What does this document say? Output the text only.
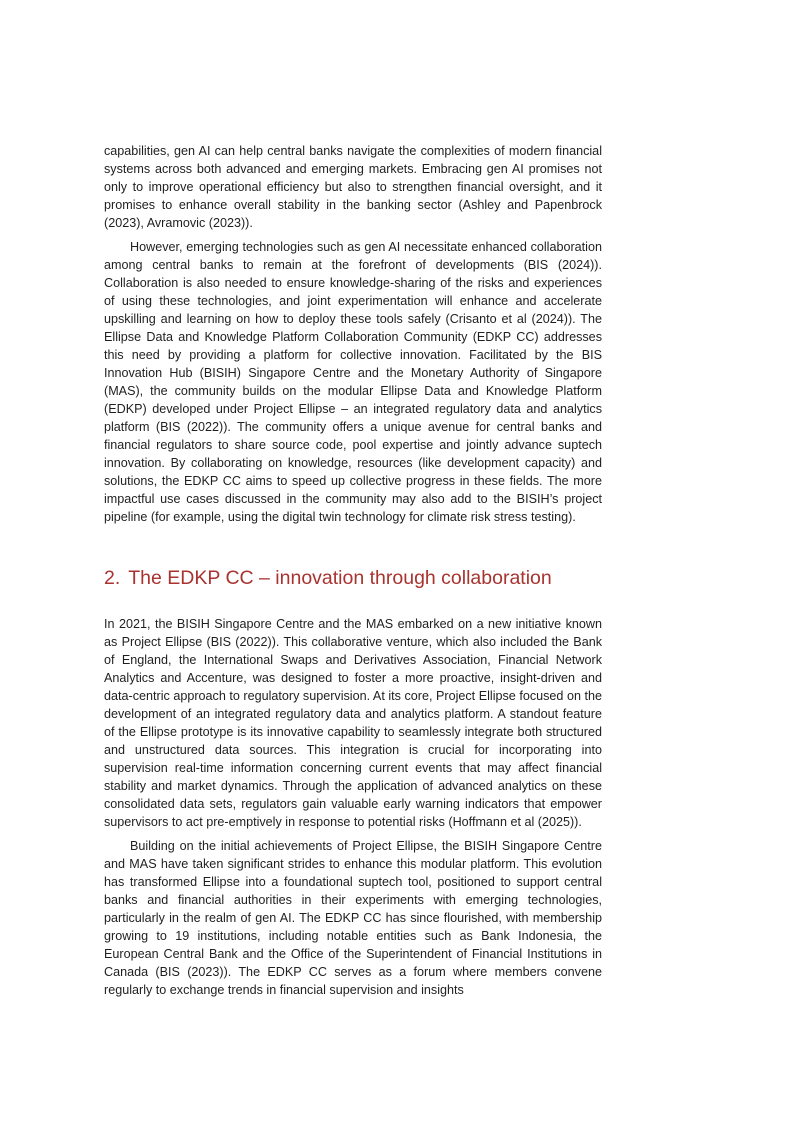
capabilities, gen AI can help central banks navigate the complexities of modern financial systems across both advanced and emerging markets. Embracing gen AI promises not only to improve operational efficiency but also to strengthen financial oversight, and it promises to enhance overall stability in the banking sector (Ashley and Papenbrock (2023), Avramovic (2023)).

However, emerging technologies such as gen AI necessitate enhanced collaboration among central banks to remain at the forefront of developments (BIS (2024)). Collaboration is also needed to ensure knowledge-sharing of the risks and experiences of using these technologies, and joint experimentation will enhance and accelerate upskilling and learning on how to deploy these tools safely (Crisanto et al (2024)). The Ellipse Data and Knowledge Platform Collaboration Community (EDKP CC) addresses this need by providing a platform for collective innovation. Facilitated by the BIS Innovation Hub (BISIH) Singapore Centre and the Monetary Authority of Singapore (MAS), the community builds on the modular Ellipse Data and Knowledge Platform (EDKP) developed under Project Ellipse – an integrated regulatory data and analytics platform (BIS (2022)). The community offers a unique avenue for central banks and financial regulators to share source code, pool expertise and jointly advance suptech innovation. By collaborating on knowledge, resources (like development capacity) and solutions, the EDKP CC aims to speed up collective progress in these fields. The more impactful use cases discussed in the community may also add to the BISIH’s project pipeline (for example, using the digital twin technology for climate risk stress testing).

2. The EDKP CC – innovation through collaboration

In 2021, the BISIH Singapore Centre and the MAS embarked on a new initiative known as Project Ellipse (BIS (2022)). This collaborative venture, which also included the Bank of England, the International Swaps and Derivatives Association, Financial Network Analytics and Accenture, was designed to foster a more proactive, insight-driven and data-centric approach to regulatory supervision. At its core, Project Ellipse focused on the development of an integrated regulatory data and analytics platform. A standout feature of the Ellipse prototype is its innovative capability to seamlessly integrate both structured and unstructured data sources. This integration is crucial for incorporating into supervision real-time information concerning current events that may affect financial stability and market dynamics. Through the application of advanced analytics on these consolidated data sets, regulators gain valuable early warning indicators that empower supervisors to act pre-emptively in response to potential risks (Hoffmann et al (2025)).

Building on the initial achievements of Project Ellipse, the BISIH Singapore Centre and MAS have taken significant strides to enhance this modular platform. This evolution has transformed Ellipse into a foundational suptech tool, positioned to support central banks and financial authorities in their experiments with emerging technologies, particularly in the realm of gen AI. The EDKP CC has since flourished, with membership growing to 19 institutions, including notable entities such as Bank Indonesia, the European Central Bank and the Office of the Superintendent of Financial Institutions in Canada (BIS (2023)). The EDKP CC serves as a forum where members convene regularly to exchange trends in financial supervision and insights
